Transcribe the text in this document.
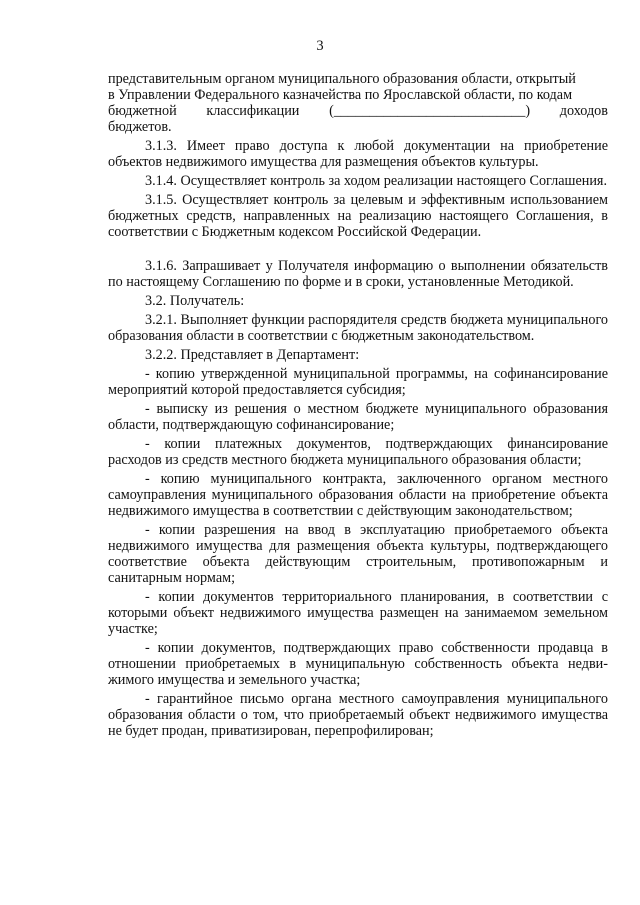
3
представительным органом муниципального образования области, открытый
в Управлении Федерального казначейства по Ярославской области, по кодам
бюджетной классификации (___________________________) доходов
бюджетов.

3.1.3. Имеет право доступа к любой документации на приобретение объектов недвижимого имущества для размещения объектов культуры.

3.1.4. Осуществляет контроль за ходом реализации настоящего Соглашения.

3.1.5. Осуществляет контроль за целевым и эффективным использованием бюджетных средств, направленных на реализацию настоящего Соглашения, в соответствии с Бюджетным кодексом Российской Федерации.

3.1.6. Запрашивает у Получателя информацию о выполнении обязательств по настоящему Соглашению по форме и в сроки, установленные Методикой.

3.2. Получатель:

3.2.1. Выполняет функции распорядителя средств бюджета муниципального образования области в соответствии с бюджетным законодательством.

3.2.2. Представляет в Департамент:

- копию утвержденной муниципальной программы, на софинансирование мероприятий которой предоставляется субсидия;

- выписку из решения о местном бюджете муниципального образования области, подтверждающую софинансирование;

- копии платежных документов, подтверждающих финансирование расходов из средств местного бюджета муниципального образования области;

- копию муниципального контракта, заключенного органом местного самоуправления муниципального образования области на приобретение объекта недвижимого имущества в соответствии с действующим законодательством;

- копии разрешения на ввод в эксплуатацию приобретаемого объекта недвижимого имущества для размещения объекта культуры, подтверждающего соответствие объекта действующим строительным, противопожарным и санитарным нормам;

- копии документов территориального планирования, в соответствии с которыми объект недвижимого имущества размещен на занимаемом земельном участке;

- копии документов, подтверждающих право собственности продавца в отношении приобретаемых в муниципальную собственность объекта недвижимого имущества и земельного участка;

- гарантийное письмо органа местного самоуправления муниципального образования области о том, что приобретаемый объект недвижимого имущества не будет продан, приватизирован, перепрофилирован;
